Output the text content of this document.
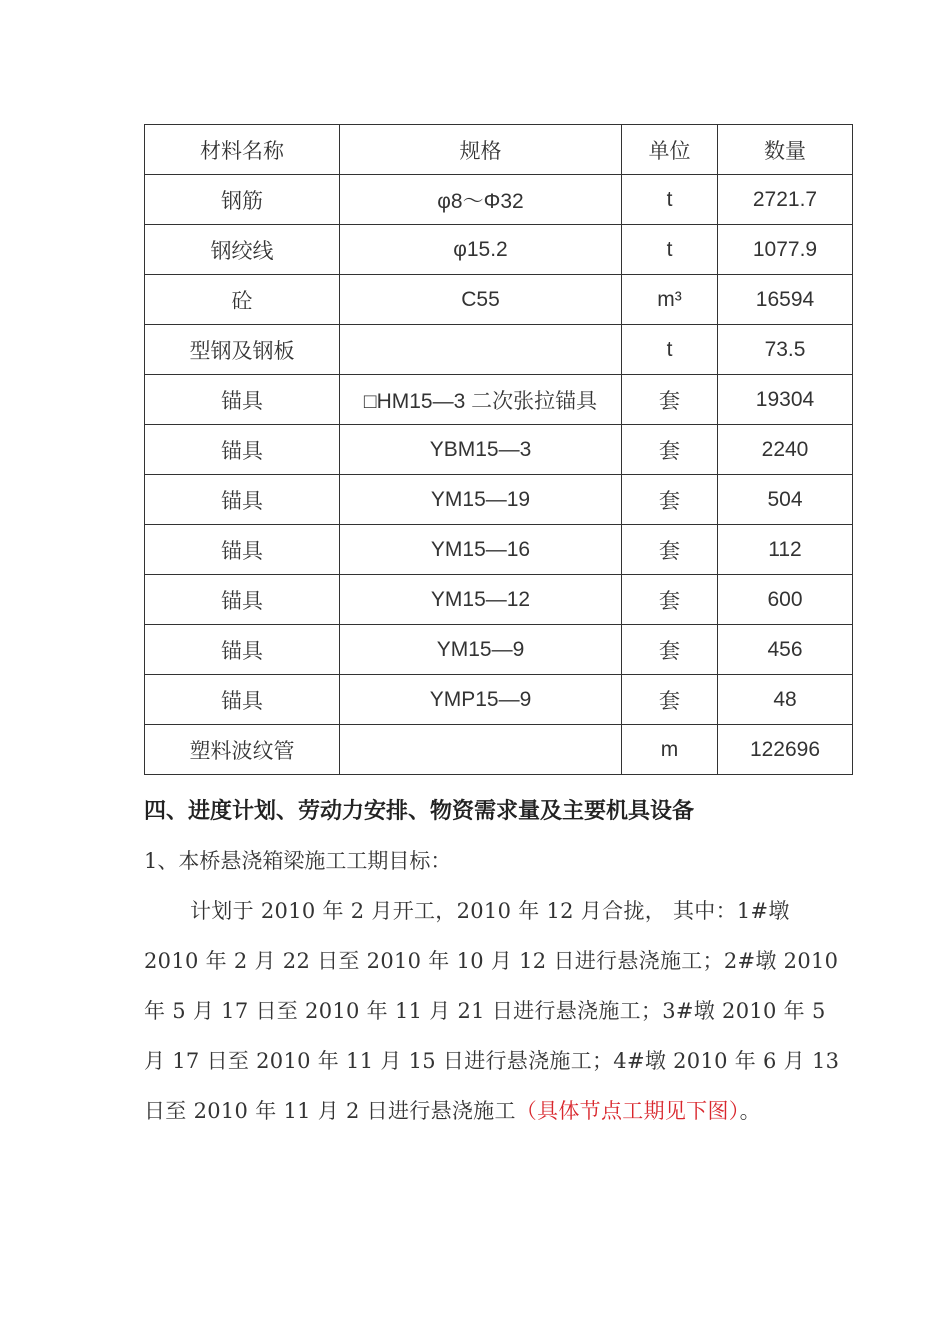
材料名称	规格	单位	数量
钢筋	φ8～Φ32	t	2721.7
钢绞线	φ15.2	t	1077.9
砼	C55	m³	16594
型钢及钢板		t	73.5
锚具	□HM15—3 二次张拉锚具	套	19304
锚具	YBM15—3	套	2240
锚具	YM15—19	套	504
锚具	YM15—16	套	112
锚具	YM15—12	套	600
锚具	YM15—9	套	456
锚具	YMP15—9	套	48
塑料波纹管		m	122696
四、进度计划、劳动力安排、物资需求量及主要机具设备

1、本桥悬浇箱梁施工工期目标：

计划于 2010 年 2 月开工，2010 年 12 月合拢， 其中：1#墩

2010 年 2 月 22 日至 2010 年 10 月 12 日进行悬浇施工；2#墩 2010

年 5 月 17 日至 2010 年 11 月 21 日进行悬浇施工；3#墩 2010 年 5

月 17 日至 2010 年 11 月 15 日进行悬浇施工；4#墩 2010 年 6 月 13

日至 2010 年 11 月 2 日进行悬浇施工（具体节点工期见下图）。
